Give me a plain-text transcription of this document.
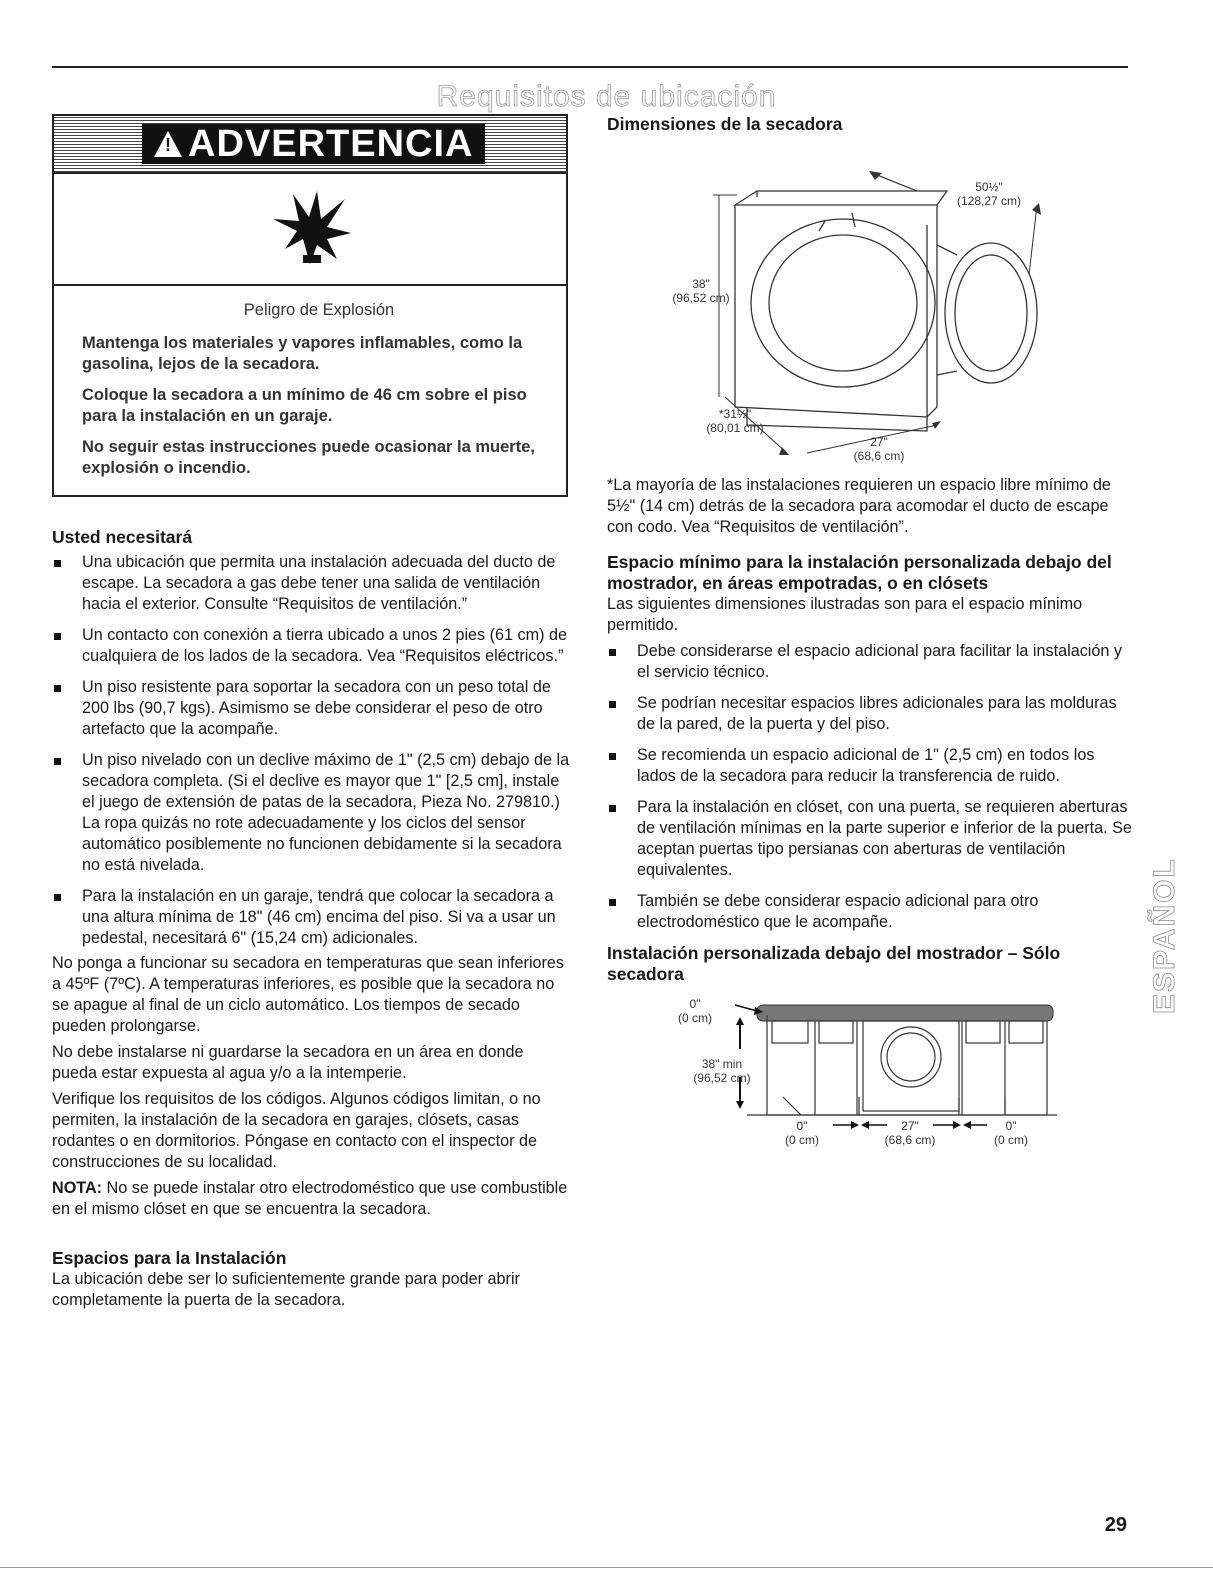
Requisitos de ubicación
! ADVERTENCIA
Peligro de Explosión

Mantenga los materiales y vapores inflamables, como la gasolina, lejos de la secadora.

Coloque la secadora a un mínimo de 46 cm sobre el piso para la instalación en un garaje.

No seguir estas instrucciones puede ocasionar la muerte, explosión o incendio.

Usted necesitará
Una ubicación que permita una instalación adecuada del ducto de escape. La secadora a gas debe tener una salida de ventilación hacia el exterior. Consulte “Requisitos de ventilación.”
Un contacto con conexión a tierra ubicado a unos 2 pies (61 cm) de cualquiera de los lados de la secadora. Vea “Requisitos eléctricos.”
Un piso resistente para soportar la secadora con un peso total de 200 lbs (90,7 kgs). Asimismo se debe considerar el peso de otro artefacto que la acompañe.
Un piso nivelado con un declive máximo de 1" (2,5 cm) debajo de la secadora completa. (Si el declive es mayor que 1" [2,5 cm], instale el juego de extensión de patas de la secadora, Pieza No. 279810.) La ropa quizás no rote adecuadamente y los ciclos del sensor automático posiblemente no funcionen debidamente si la secadora no está nivelada.
Para la instalación en un garaje, tendrá que colocar la secadora a una altura mínima de 18" (46 cm) encima del piso. Si va a usar un pedestal, necesitará 6" (15,24 cm) adicionales.

No ponga a funcionar su secadora en temperaturas que sean inferiores a 45ºF (7ºC). A temperaturas inferiores, es posible que la secadora no se apague al final de un ciclo automático. Los tiempos de secado pueden prolongarse.

No debe instalarse ni guardarse la secadora en un área en donde pueda estar expuesta al agua y/o a la intemperie.

Verifique los requisitos de los códigos. Algunos códigos limitan, o no permiten, la instalación de la secadora en garajes, clósets, casas rodantes o en dormitorios. Póngase en contacto con el inspector de construcciones de su localidad.

NOTA: No se puede instalar otro electrodoméstico que use combustible en el mismo clóset en que se encuentra la secadora.

Espacios para la Instalación

La ubicación debe ser lo suficientemente grande para poder abrir completamente la puerta de la secadora.

Dimensiones de la secadora
50½"
(128,27 cm)
38"
(96,52 cm)
*31½"
(80,01 cm)
27"
(68,6 cm)

*La mayoría de las instalaciones requieren un espacio libre mínimo de 5½" (14 cm) detrás de la secadora para acomodar el ducto de escape con codo. Vea “Requisitos de ventilación”.

Espacio mínimo para la instalación personalizada debajo del mostrador, en áreas empotradas, o en clósets

Las siguientes dimensiones ilustradas son para el espacio mínimo permitido.

Debe considerarse el espacio adicional para facilitar la instalación y el servicio técnico.
Se podrían necesitar espacios libres adicionales para las molduras de la pared, de la puerta y del piso.
Se recomienda un espacio adicional de 1" (2,5 cm) en todos los lados de la secadora para reducir la transferencia de ruido.
Para la instalación en clóset, con una puerta, se requieren aberturas de ventilación mínimas en la parte superior e inferior de la puerta. Se aceptan puertas tipo persianas con aberturas de ventilación equivalentes.
También se debe considerar espacio adicional para otro electrodoméstico que le acompañe.
Instalación personalizada debajo del mostrador – Sólo secadora
0"
(0 cm)
38" min
(96,52 cm)
0"
(0 cm)
27"
(68,6 cm)
0"
(0 cm)
ESPAÑOL
29
